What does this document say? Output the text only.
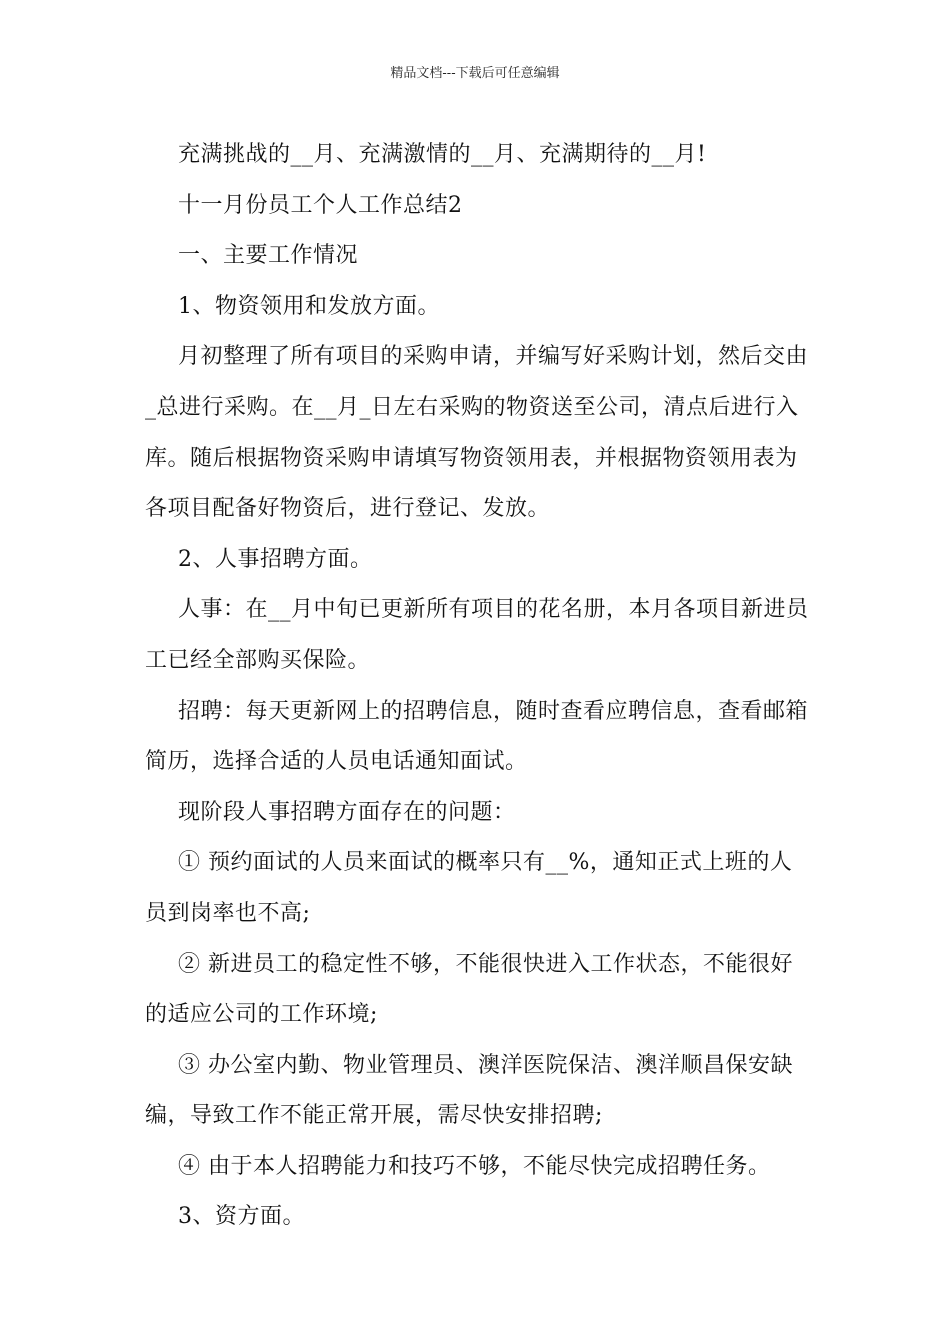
精品文档---下载后可任意编辑

充满挑战的__月、充满激情的__月、充满期待的__月!

十一月份员工个人工作总结2

一、主要工作情况

1、物资领用和发放方面。

月初整理了所有项目的采购申请，并编写好采购计划，然后交由_总进行采购。在__月_日左右采购的物资送至公司，清点后进行入库。随后根据物资采购申请填写物资领用表，并根据物资领用表为各项目配备好物资后，进行登记、发放。

2、人事招聘方面。

人事：在__月中旬已更新所有项目的花名册，本月各项目新进员工已经全部购买保险。

招聘：每天更新网上的招聘信息，随时查看应聘信息，查看邮箱简历，选择合适的人员电话通知面试。

现阶段人事招聘方面存在的问题：

① 预约面试的人员来面试的概率只有__%，通知正式上班的人员到岗率也不高;

② 新进员工的稳定性不够，不能很快进入工作状态，不能很好的适应公司的工作环境;

③ 办公室内勤、物业管理员、澳洋医院保洁、澳洋顺昌保安缺编，导致工作不能正常开展，需尽快安排招聘;

④ 由于本人招聘能力和技巧不够，不能尽快完成招聘任务。

3、资方面。
